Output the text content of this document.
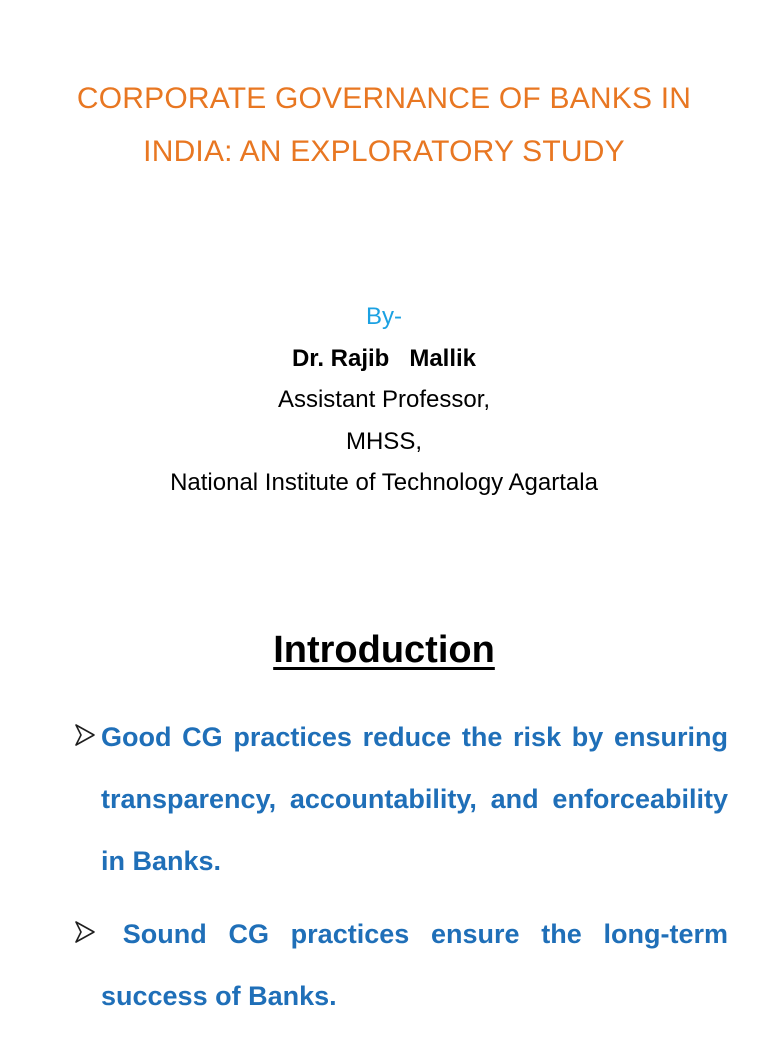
CORPORATE GOVERNANCE OF BANKS IN
INDIA: AN EXPLORATORY STUDY
By-
Dr. Rajib   Mallik
Assistant Professor,
MHSS,
National Institute of Technology Agartala
Introduction
Good CG practices reduce the risk by ensuring transparency, accountability, and enforceability in Banks.
Sound CG practices ensure the long-term success of Banks.
